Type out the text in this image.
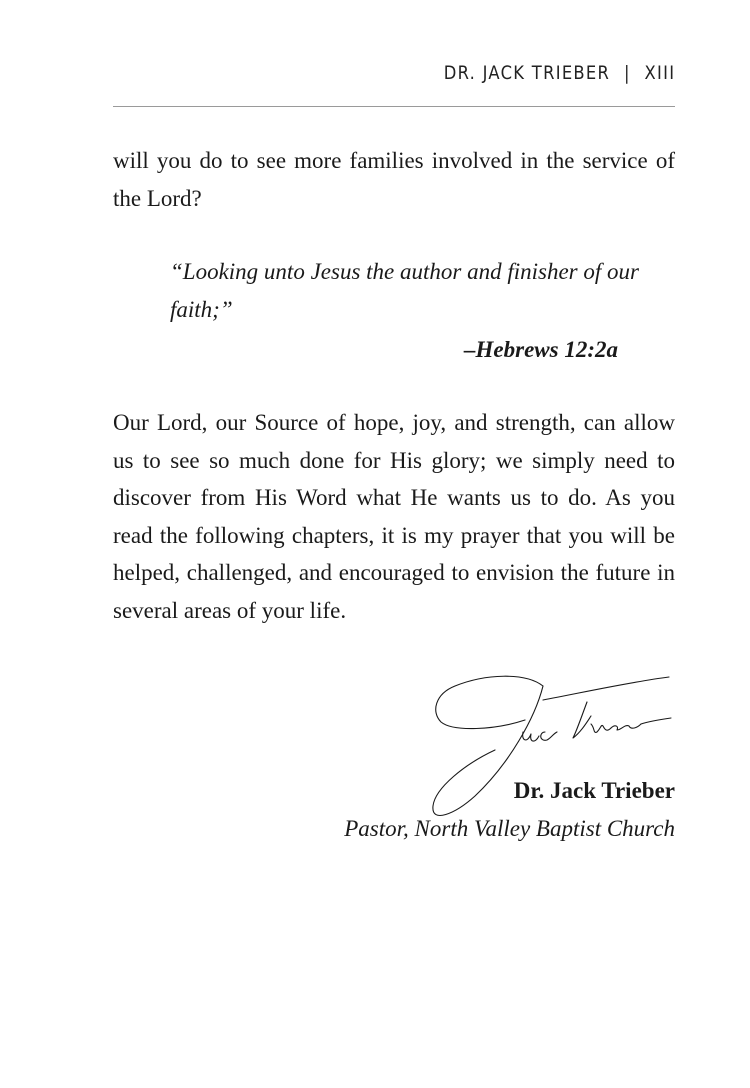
DR. JACK TRIEBER | XIII
will you do to see more families involved in the service of the Lord?
“Looking unto Jesus the author and finisher of our faith;”
–Hebrews 12:2a
Our Lord, our Source of hope, joy, and strength, can allow us to see so much done for His glory; we simply need to discover from His Word what He wants us to do. As you read the following chapters, it is my prayer that you will be helped, challenged, and encouraged to envision the future in several areas of your life.
Dr. Jack Trieber
Pastor, North Valley Baptist Church
